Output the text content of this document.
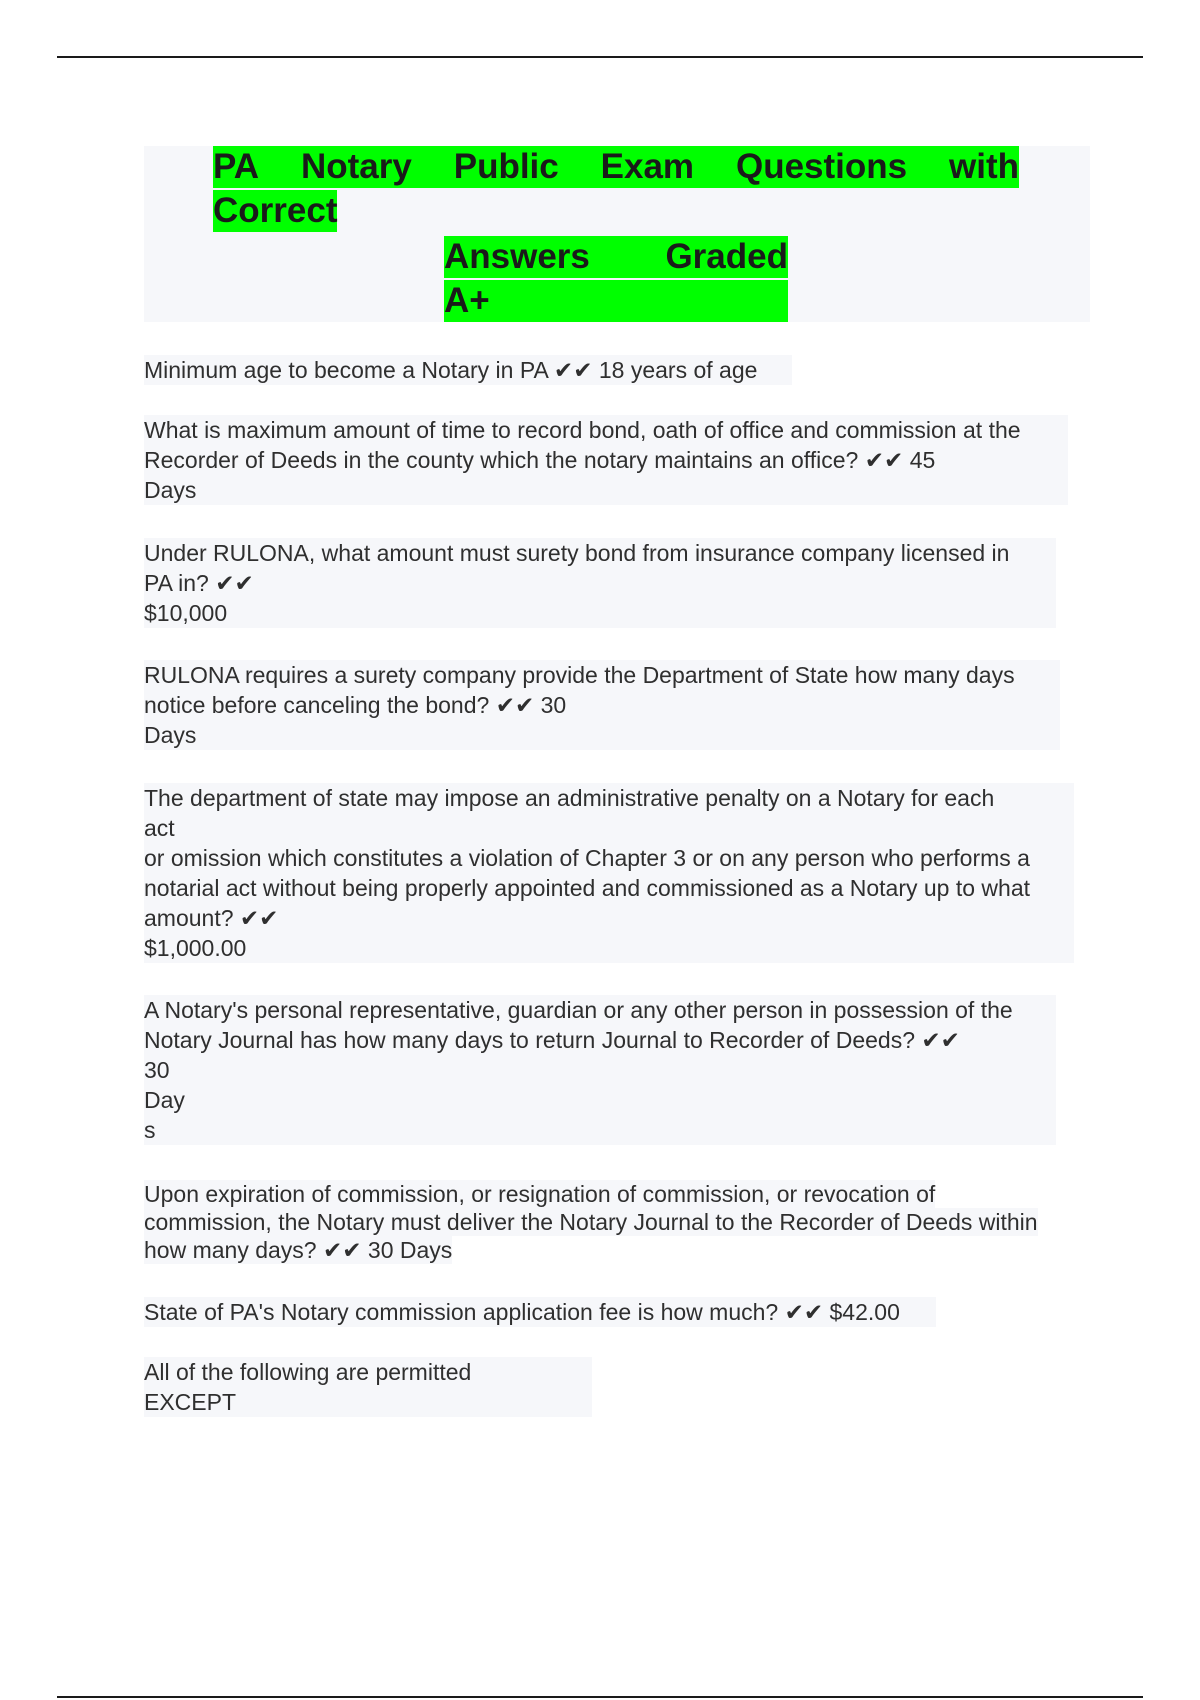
PA Notary Public Exam Questions with
Correct
Answers Graded
A+
Minimum age to become a Notary in PA ✔✔ 18 years of age
What is maximum amount of time to record bond, oath of office and commission at the
Recorder of Deeds in the county which the notary maintains an office? ✔✔ 45
Days
Under RULONA, what amount must surety bond from insurance company licensed in
PA in? ✔✔
$10,000
RULONA requires a surety company provide the Department of State how many days
notice before canceling the bond? ✔✔ 30
Days
The department of state may impose an administrative penalty on a Notary for each
act
or omission which constitutes a violation of Chapter 3 or on any person who performs a
notarial act without being properly appointed and commissioned as a Notary up to what
amount? ✔✔
$1,000.00
A Notary's personal representative, guardian or any other person in possession of the
Notary Journal has how many days to return Journal to Recorder of Deeds? ✔✔
30
Day
s
Upon expiration of commission, or resignation of commission, or revocation of
commission, the Notary must deliver the Notary Journal to the Recorder of Deeds within
how many days? ✔✔ 30 Days
State of PA's Notary commission application fee is how much? ✔✔ $42.00
All of the following are permitted
EXCEPT
